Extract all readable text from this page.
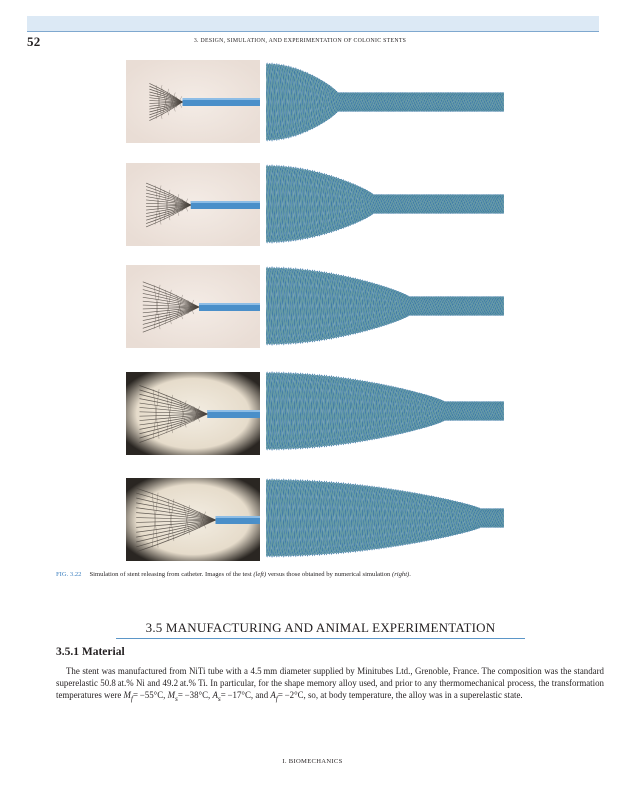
52	3. DESIGN, SIMULATION, AND EXPERIMENTATION OF COLONIC STENTS
FIG. 3.22 Simulation of stent releasing from catheter. Images of the test (left) versus those obtained by numerical simulation (right).
3.5 MANUFACTURING AND ANIMAL EXPERIMENTATION
3.5.1 Material

The stent was manufactured from NiTi tube with a 4.5 mm diameter supplied by Minitubes Ltd., Grenoble, France. The composition was the standard superelastic 50.8 at.% Ni and 49.2 at.% Ti. In particular, for the shape memory alloy used, and prior to any thermomechanical process, the transformation temperatures were $M_f= -55^\circ C$, $M_s= -38^\circ C$, $A_s= -17^\circ C$, and $A_f= -2^\circ C$, so, at body temperature, the alloy was in a superelastic state.

I. BIOMECHANICS
